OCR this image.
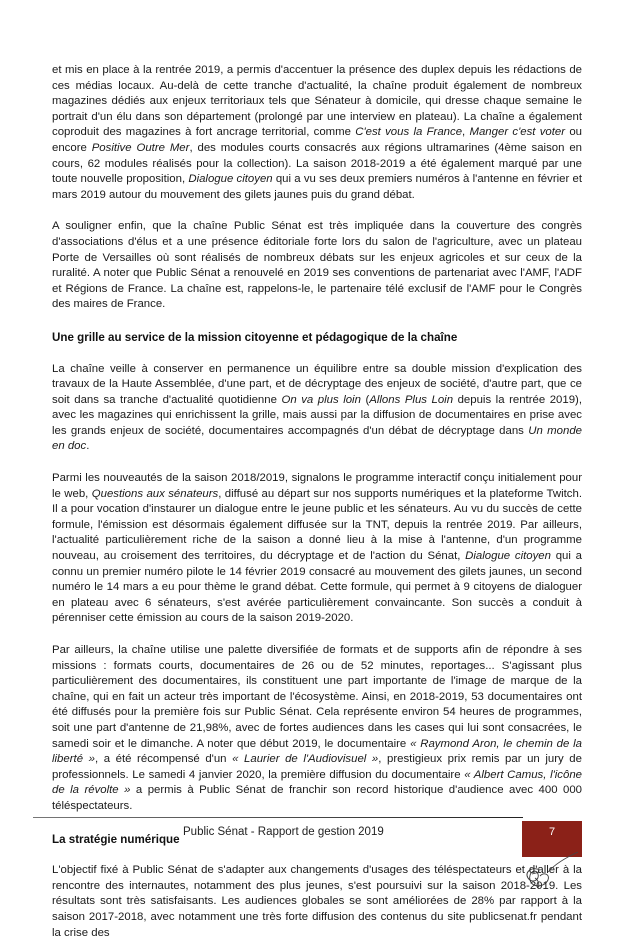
et mis en place à la rentrée 2019, a permis d'accentuer la présence des duplex depuis les rédactions de ces médias locaux. Au-delà de cette tranche d'actualité, la chaîne produit également de nombreux magazines dédiés aux enjeux territoriaux tels que Sénateur à domicile, qui dresse chaque semaine le portrait d'un élu dans son département (prolongé par une interview en plateau). La chaîne a également coproduit des magazines à fort ancrage territorial, comme C'est vous la France, Manger c'est voter ou encore Positive Outre Mer, des modules courts consacrés aux régions ultramarines (4ème saison en cours, 62 modules réalisés pour la collection). La saison 2018-2019 a été également marqué par une toute nouvelle proposition, Dialogue citoyen qui a vu ses deux premiers numéros à l'antenne en février et mars 2019 autour du mouvement des gilets jaunes puis du grand débat.

A souligner enfin, que la chaîne Public Sénat est très impliquée dans la couverture des congrès d'associations d'élus et a une présence éditoriale forte lors du salon de l'agriculture, avec un plateau Porte de Versailles où sont réalisés de nombreux débats sur les enjeux agricoles et sur ceux de la ruralité. A noter que Public Sénat a renouvelé en 2019 ses conventions de partenariat avec l'AMF, l'ADF et Régions de France. La chaîne est, rappelons-le, le partenaire télé exclusif de l'AMF pour le Congrès des maires de France.

Une grille au service de la mission citoyenne et pédagogique de la chaîne

La chaîne veille à conserver en permanence un équilibre entre sa double mission d'explication des travaux de la Haute Assemblée, d'une part, et de décryptage des enjeux de société, d'autre part, que ce soit dans sa tranche d'actualité quotidienne On va plus loin (Allons Plus Loin depuis la rentrée 2019), avec les magazines qui enrichissent la grille, mais aussi par la diffusion de documentaires en prise avec les grands enjeux de société, documentaires accompagnés d'un débat de décryptage dans Un monde en doc.

Parmi les nouveautés de la saison 2018/2019, signalons le programme interactif conçu initialement pour le web, Questions aux sénateurs, diffusé au départ sur nos supports numériques et la plateforme Twitch. Il a pour vocation d'instaurer un dialogue entre le jeune public et les sénateurs. Au vu du succès de cette formule, l'émission est désormais également diffusée sur la TNT, depuis la rentrée 2019. Par ailleurs, l'actualité particulièrement riche de la saison a donné lieu à la mise à l'antenne, d'un programme nouveau, au croisement des territoires, du décryptage et de l'action du Sénat, Dialogue citoyen qui a connu un premier numéro pilote le 14 février 2019 consacré au mouvement des gilets jaunes, un second numéro le 14 mars a eu pour thème le grand débat. Cette formule, qui permet à 9 citoyens de dialoguer en plateau avec 6 sénateurs, s'est avérée particulièrement convaincante. Son succès a conduit à pérenniser cette émission au cours de la saison 2019-2020.

Par ailleurs, la chaîne utilise une palette diversifiée de formats et de supports afin de répondre à ses missions : formats courts, documentaires de 26 ou de 52 minutes, reportages... S'agissant plus particulièrement des documentaires, ils constituent une part importante de l'image de marque de la chaîne, qui en fait un acteur très important de l'écosystème. Ainsi, en 2018-2019, 53 documentaires ont été diffusés pour la première fois sur Public Sénat. Cela représente environ 54 heures de programmes, soit une part d'antenne de 21,98%, avec de fortes audiences dans les cases qui lui sont consacrées, le samedi soir et le dimanche. A noter que début 2019, le documentaire « Raymond Aron, le chemin de la liberté », a été récompensé d'un « Laurier de l'Audiovisuel », prestigieux prix remis par un jury de professionnels. Le samedi 4 janvier 2020, la première diffusion du documentaire « Albert Camus, l'icône de la révolte » a permis à Public Sénat de franchir son record historique d'audience avec 400 000 téléspectateurs.

La stratégie numérique

L'objectif fixé à Public Sénat de s'adapter aux changements d'usages des téléspectateurs et d'aller à la rencontre des internautes, notamment des plus jeunes, s'est poursuivi sur la saison 2018-2019. Les résultats sont très satisfaisants. Les audiences globales se sont améliorées de 28% par rapport à la saison 2017-2018, avec notamment une très forte diffusion des contenus du site publicsenat.fr pendant la crise des

Public Sénat - Rapport de gestion 2019	7
